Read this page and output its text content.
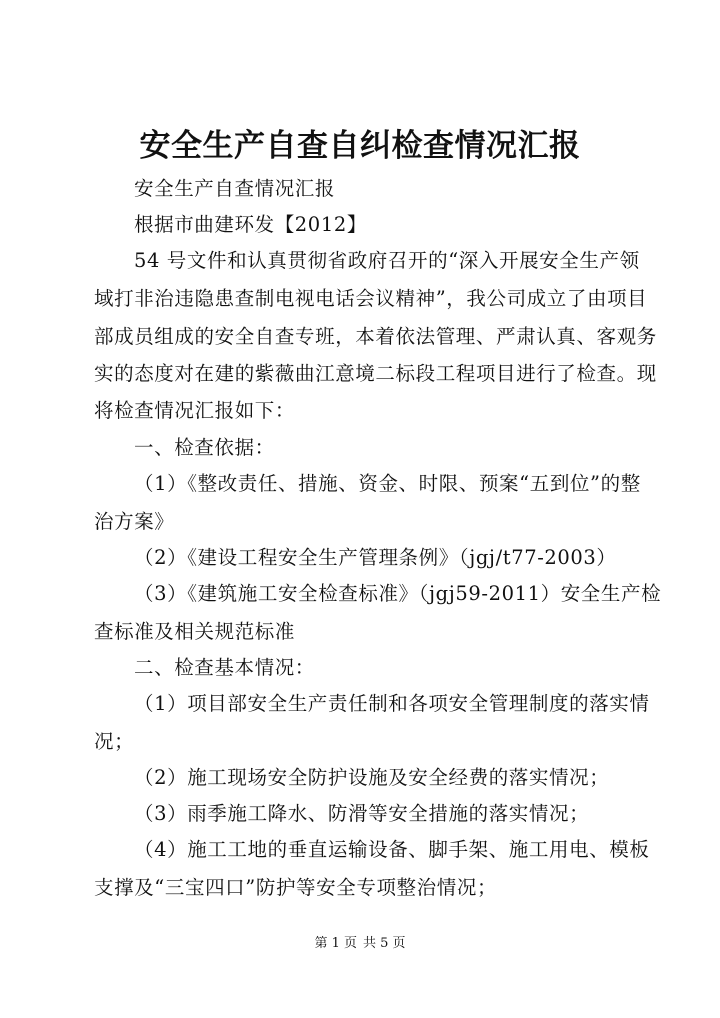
安全生产自查自纠检查情况汇报
安全生产自查情况汇报
根据市曲建环发【2012】
54 号文件和认真贯彻省政府召开的“深入开展安全生产领
域打非治违隐患查制电视电话会议精神”，我公司成立了由项目
部成员组成的安全自查专班，本着依法管理、严肃认真、客观务
实的态度对在建的紫薇曲江意境二标段工程项目进行了检查。现
将检查情况汇报如下：
一、检查依据：
（1）《整改责任、措施、资金、时限、预案“五到位”的整
治方案》
（2）《建设工程安全生产管理条例》（jgj/t77-2003）
（3）《建筑施工安全检查标准》（jgj59-2011）安全生产检
查标准及相关规范标准
二、检查基本情况：
（1）项目部安全生产责任制和各项安全管理制度的落实情
况；
（2）施工现场安全防护设施及安全经费的落实情况；
（3）雨季施工降水、防滑等安全措施的落实情况；
（4）施工工地的垂直运输设备、脚手架、施工用电、模板
支撑及“三宝四口”防护等安全专项整治情况；
第 1 页 共 5 页
